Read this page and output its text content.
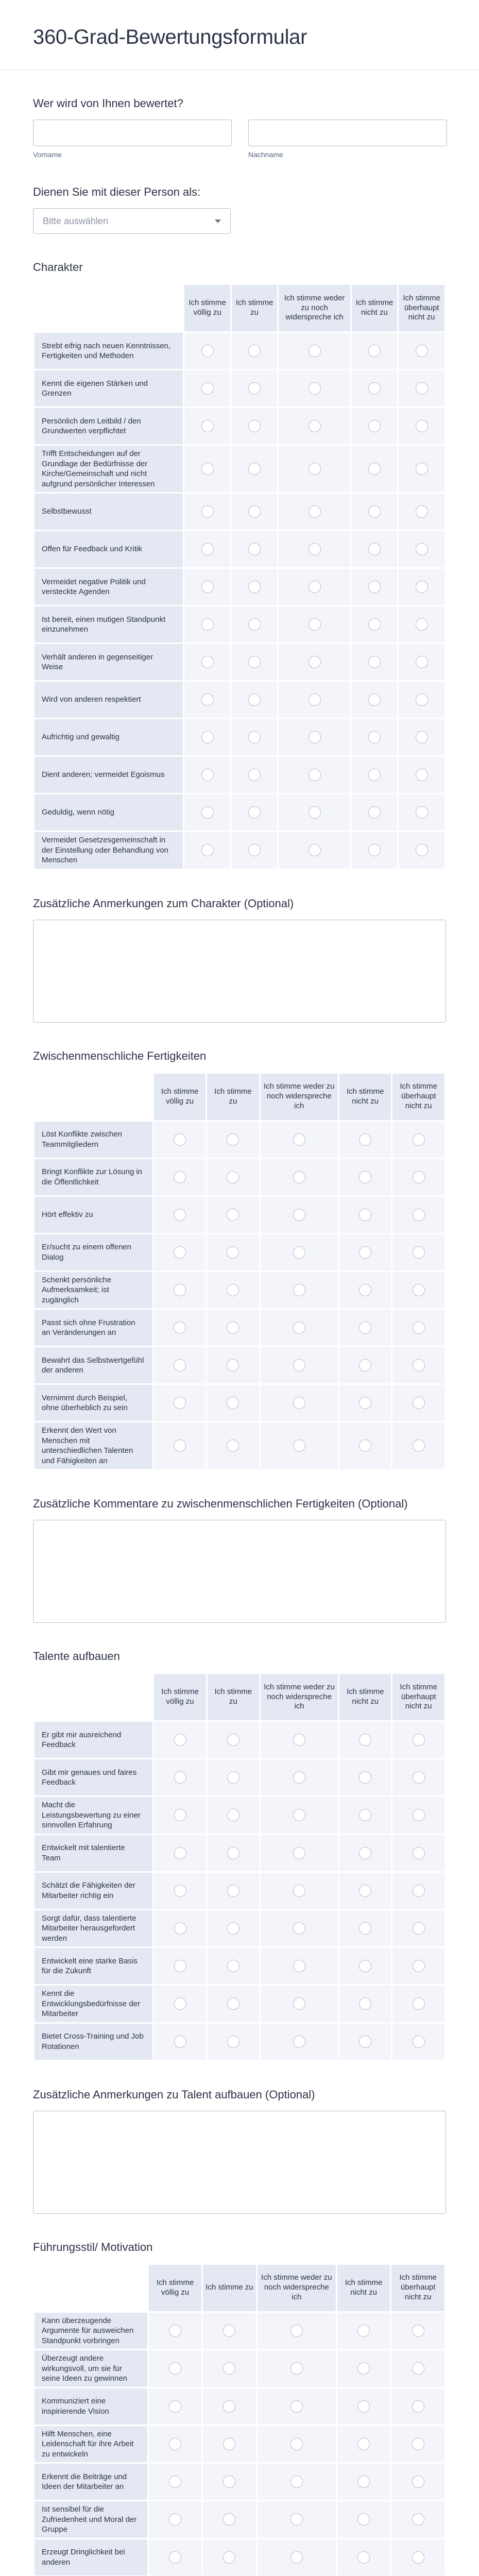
360-Grad-Bewertungsformular
Wer wird von Ihnen bewertet?
Vorname	Nachname
Dienen Sie mit dieser Person als:
Bitte auswählen
Charakter
	Ich stimme völlig zu	Ich stimme zu	Ich stimme weder zu noch widerspreche ich	Ich stimme nicht zu	Ich stimme überhaupt nicht zu
Strebt eifrig nach neuen Kenntnissen, Fertigkeiten und Methoden					
Kennt die eigenen Stärken und Grenzen					
Persönlich dem Leitbild / den Grundwerten verpflichtet					
Trifft Entscheidungen auf der Grundlage der Bedürfnisse der Kirche/Gemeinschaft und nicht aufgrund persönlicher Interessen					
Selbstbewusst					
Offen für Feedback und Kritik					
Vermeidet negative Politik und versteckte Agenden					
Ist bereit, einen mutigen Standpunkt einzunehmen					
Verhält anderen in gegenseitiger Weise					
Wird von anderen respektiert					
Aufrichtig und gewaltig					
Dient anderen; vermeidet Egoismus					
Geduldig, wenn nötig					
Vermeidet Gesetzesgemeinschaft in der Einstellung oder Behandlung von Menschen					
Zusätzliche Anmerkungen zum Charakter (Optional)
Zwischenmenschliche Fertigkeiten
	Ich stimme völlig zu	Ich stimme zu	Ich stimme weder zu noch widerspreche ich	Ich stimme nicht zu	Ich stimme überhaupt nicht zu
Löst Konflikte zwischen Teammitgliedern					
Bringt Konflikte zur Lösung in die Öffentlichkeit					
Hört effektiv zu					
Er/sucht zu einem offenen Dialog					
Schenkt persönliche Aufmerksamkeit; ist zugänglich					
Passt sich ohne Frustration an Veränderungen an					
Bewahrt das Selbstwertgefühl der anderen					
Vernimmt durch Beispiel, ohne überheblich zu sein					
Erkennt den Wert von Menschen mit unterschiedlichen Talenten und Fähigkeiten an					
Zusätzliche Kommentare zu zwischenmenschlichen Fertigkeiten (Optional)
Talente aufbauen
	Ich stimme völlig zu	Ich stimme zu	Ich stimme weder zu noch widerspreche ich	Ich stimme nicht zu	Ich stimme überhaupt nicht zu
Er gibt mir ausreichend Feedback					
Gibt mir genaues und faires Feedback					
Macht die Leistungsbewertung zu einer sinnvollen Erfahrung					
Entwickelt mit talentierte Team					
Schätzt die Fähigkeiten der Mitarbeiter richtig ein					
Sorgt dafür, dass talentierte Mitarbeiter herausgefordert werden					
Entwickelt eine starke Basis für die Zukunft					
Kennt die Entwicklungsbedürfnisse der Mitarbeiter					
Bietet Cross-Training und Job Rotationen					
Zusätzliche Anmerkungen zu Talent aufbauen (Optional)
Führungsstil/ Motivation
	Ich stimme völlig zu	Ich stimme zu	Ich stimme weder zu noch widerspreche ich	Ich stimme nicht zu	Ich stimme überhaupt nicht zu
Kann überzeugende Argumente für ausweichen Standpunkt vorbringen					
Überzeugt andere wirkungsvoll, um sie für seine Ideen zu gewinnen					
Kommuniziert eine inspirierende Vision					
Hilft Menschen, eine Leidenschaft für ihre Arbeit zu entwickeln					
Erkennt die Beiträge und Ideen der Mitarbeiter an					
Ist sensibel für die Zufriedenheit und Moral der Gruppe					
Erzeugt Dringlichkeit bei anderen					
